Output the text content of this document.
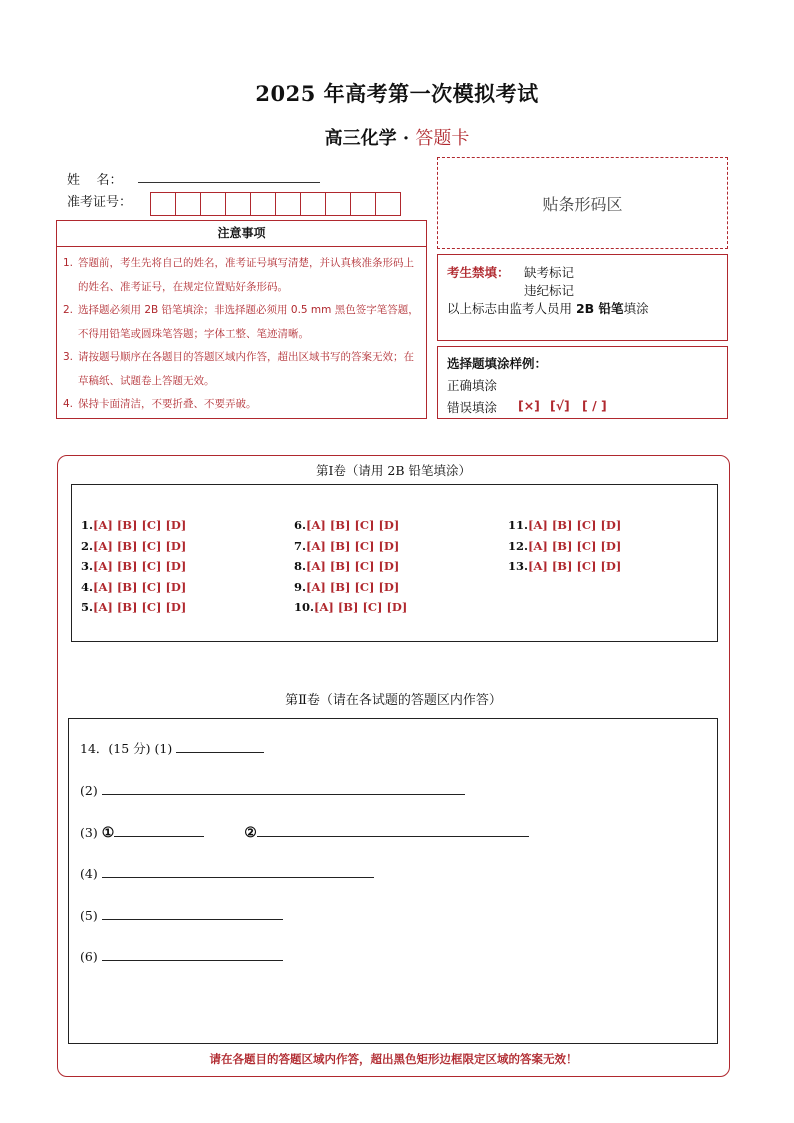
2025 年高考第一次模拟考试
高三化学 · 答题卡
姓    名：
准考证号：	贴条形码区
注意事项
1. 答题前，考生先将自己的姓名，准考证号填写清楚，并认真核准条形码上的姓名、准考证号，在规定位置贴好条形码。
2. 选择题必须用 2B 铅笔填涂；非选择题必须用 0.5 mm 黑色签字笔答题，不得用铅笔或圆珠笔答题；字体工整、笔迹清晰。
3. 请按题号顺序在各题目的答题区域内作答，超出区域书写的答案无效；在草稿纸、试题卷上答题无效。
4. 保持卡面清洁，不要折叠、不要弄破。
考生禁填： 缺考标记
违纪标记
以上标志由监考人员用 2B 铅笔填涂
选择题填涂样例：
正确填涂
错误填涂 [×] [√] [ / ]
第Ⅰ卷（请用 2B 铅笔填涂）
1.[A] [B] [C] [D]
2.[A] [B] [C] [D]
3.[A] [B] [C] [D]
4.[A] [B] [C] [D]
5.[A] [B] [C] [D]
6.[A] [B] [C] [D]
7.[A] [B] [C] [D]
8.[A] [B] [C] [D]
9.[A] [B] [C] [D]
10.[A] [B] [C] [D]
11.[A] [B] [C] [D]
12.[A] [B] [C] [D]
13.[A] [B] [C] [D]
第Ⅱ卷（请在各试题的答题区内作答）
14．(15 分) (1)
(2)
(3) ①	②
(4)
(5)
(6)
请在各题目的答题区域内作答，超出黑色矩形边框限定区域的答案无效！
